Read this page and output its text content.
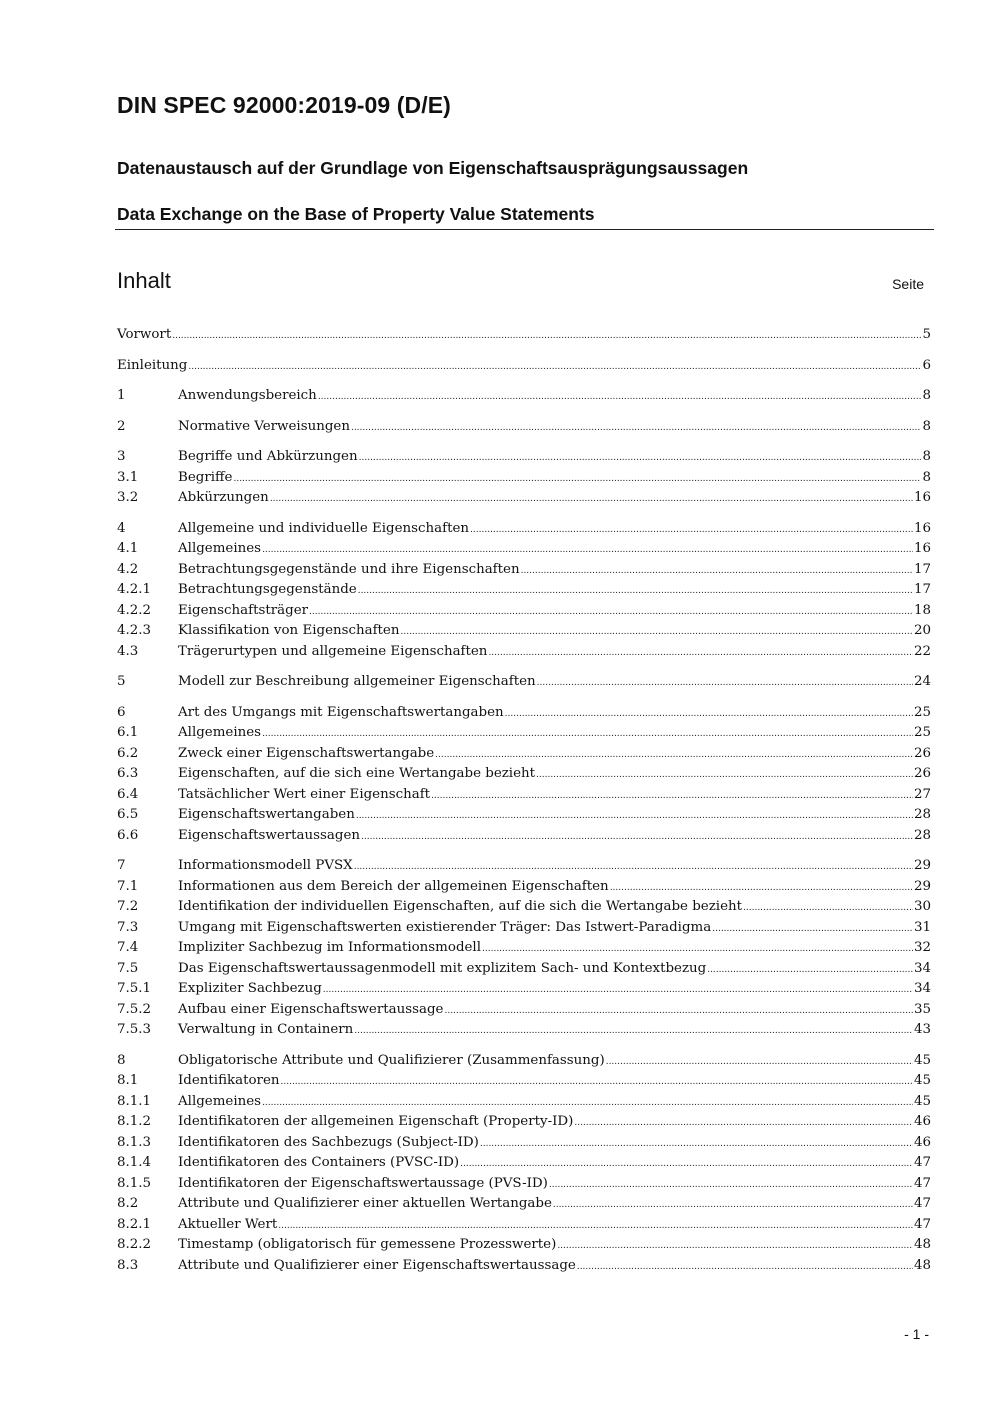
DIN SPEC 92000:2019-09 (D/E)
Datenaustausch auf der Grundlage von Eigenschaftsausprägungsaussagen
Data Exchange on the Base of Property Value Statements
Inhalt	Seite
Vorwort .....	5
Einleitung .....	6
1	Anwendungsbereich .....	8
2	Normative Verweisungen .....	8
3	Begriffe und Abkürzungen .....	8
3.1	Begriffe .....	8
3.2	Abkürzungen .....	16
4	Allgemeine und individuelle Eigenschaften .....	16
4.1	Allgemeines .....	16
4.2	Betrachtungsgegenstände und ihre Eigenschaften .....	17
4.2.1	Betrachtungsgegenstände .....	17
4.2.2	Eigenschaftsträger .....	18
4.2.3	Klassifikation von Eigenschaften .....	20
4.3	Trägerurtypen und allgemeine Eigenschaften .....	22
5	Modell zur Beschreibung allgemeiner Eigenschaften .....	24
6	Art des Umgangs mit Eigenschaftswertangaben .....	25
6.1	Allgemeines .....	25
6.2	Zweck einer Eigenschaftswertangabe .....	26
6.3	Eigenschaften, auf die sich eine Wertangabe bezieht .....	26
6.4	Tatsächlicher Wert einer Eigenschaft .....	27
6.5	Eigenschaftswertangaben .....	28
6.6	Eigenschaftswertaussagen .....	28
7	Informationsmodell PVSX .....	29
7.1	Informationen aus dem Bereich der allgemeinen Eigenschaften .....	29
7.2	Identifikation der individuellen Eigenschaften, auf die sich die Wertangabe bezieht .....	30
7.3	Umgang mit Eigenschaftswerten existierender Träger: Das Istwert-Paradigma .....	31
7.4	Impliziter Sachbezug im Informationsmodell .....	32
7.5	Das Eigenschaftswertaussagenmodell mit explizitem Sach- und Kontextbezug .....	34
7.5.1	Expliziter Sachbezug .....	34
7.5.2	Aufbau einer Eigenschaftswertaussage .....	35
7.5.3	Verwaltung in Containern .....	43
8	Obligatorische Attribute und Qualifizierer (Zusammenfassung) .....	45
8.1	Identifikatoren .....	45
8.1.1	Allgemeines .....	45
8.1.2	Identifikatoren der allgemeinen Eigenschaft (Property-ID) .....	46
8.1.3	Identifikatoren des Sachbezugs (Subject-ID) .....	46
8.1.4	Identifikatoren des Containers (PVSC-ID) .....	47
8.1.5	Identifikatoren der Eigenschaftswertaussage (PVS-ID) .....	47
8.2	Attribute und Qualifizierer einer aktuellen Wertangabe .....	47
8.2.1	Aktueller Wert .....	47
8.2.2	Timestamp (obligatorisch für gemessene Prozesswerte) .....	48
8.3	Attribute und Qualifizierer einer Eigenschaftswertaussage .....	48
- 1 -
